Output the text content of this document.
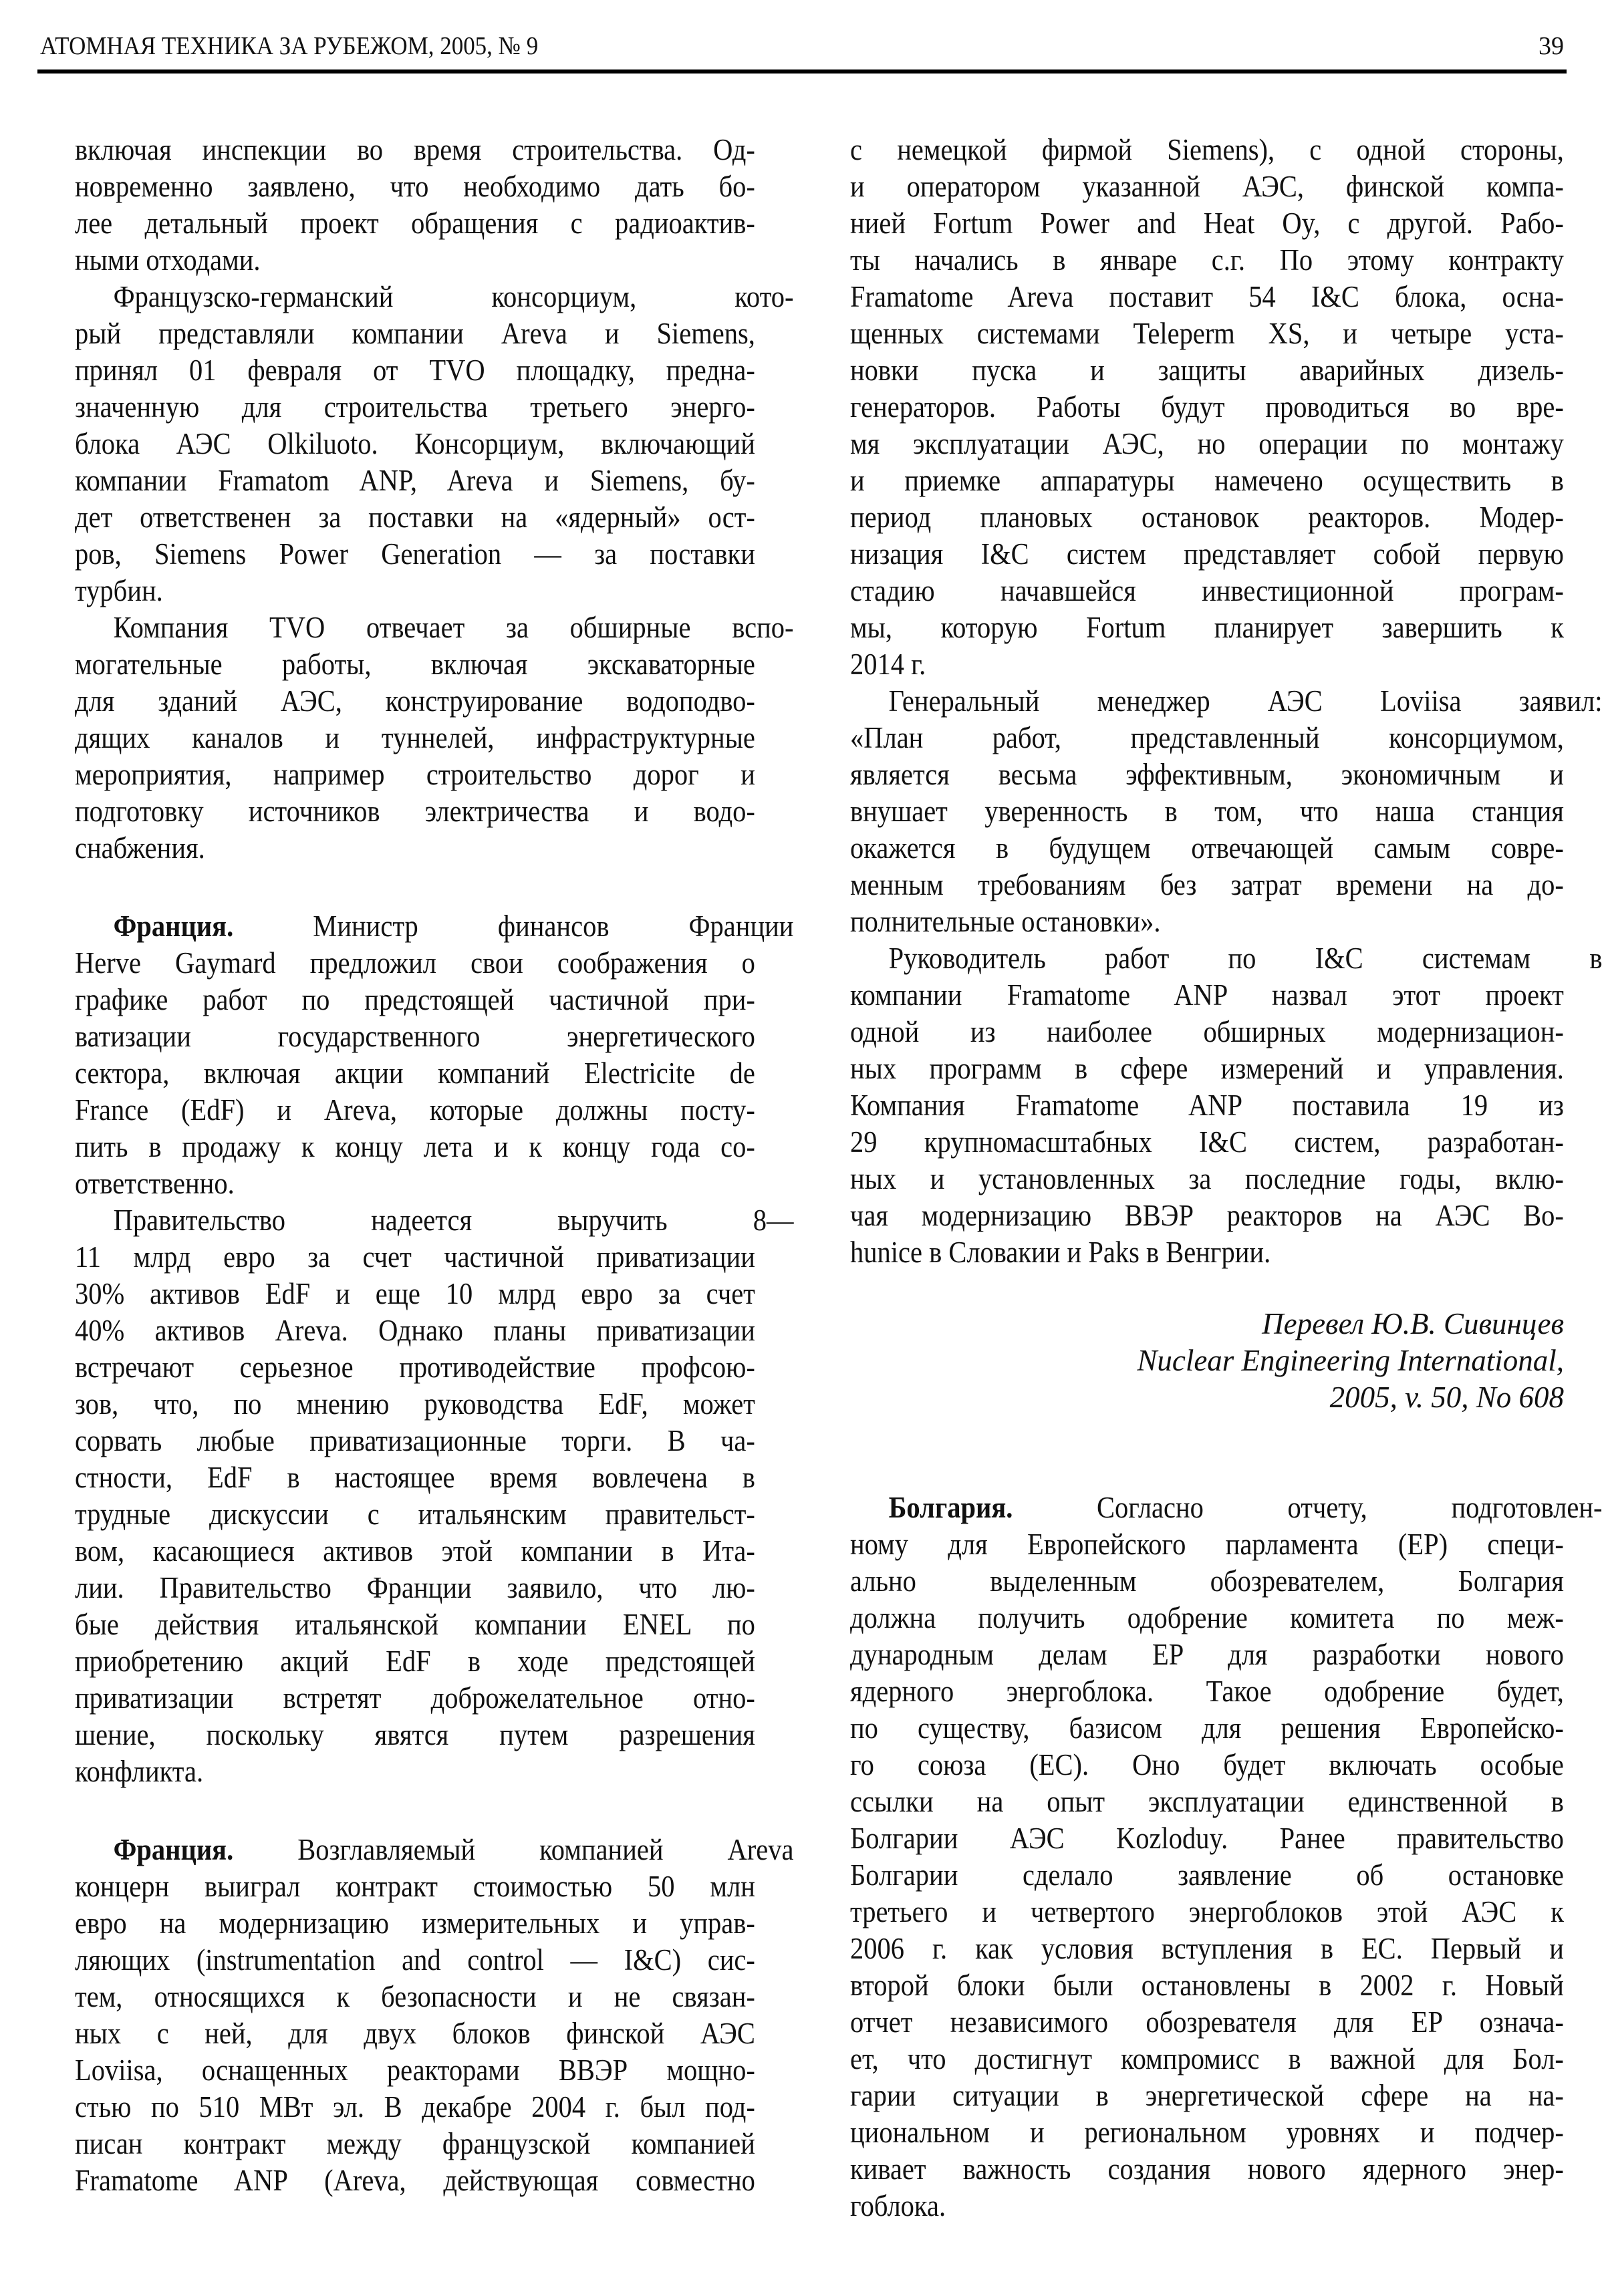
АТОМНАЯ ТЕХНИКА ЗА РУБЕЖОМ, 2005, № 9	39
включая инспекции во время строительства. Од-
новременно заявлено, что необходимо дать бо-
лее детальный проект обращения с радиоактив-
ными отходами.
Французско-германский консорциум, кото-
рый представляли компании Areva и Siemens,
принял 01 февраля от TVO площадку, предна-
значенную для строительства третьего энерго-
блока АЭС Olkiluoto. Консорциум, включающий
компании Framatom ANP, Areva и Siemens, бу-
дет ответственен за поставки на «ядерный» ост-
ров, Siemens Power Generation — за поставки
турбин.
Компания TVO отвечает за обширные вспо-
могательные работы, включая экскаваторные
для зданий АЭС, конструирование водоподво-
дящих каналов и туннелей, инфраструктурные
мероприятия, например строительство дорог и
подготовку источников электричества и водо-
снабжения.
Франция. Министр финансов Франции
Herve Gaymard предложил свои соображения о
графике работ по предстоящей частичной при-
ватизации государственного энергетического
сектора, включая акции компаний Electricite de
France (EdF) и Areva, которые должны посту-
пить в продажу к концу лета и к концу года со-
ответственно.
Правительство надеется выручить 8—
11 млрд евро за счет частичной приватизации
30% активов EdF и еще 10 млрд евро за счет
40% активов Areva. Однако планы приватизации
встречают серьезное противодействие профсою-
зов, что, по мнению руководства EdF, может
сорвать любые приватизационные торги. В ча-
стности, EdF в настоящее время вовлечена в
трудные дискуссии с итальянским правительст-
вом, касающиеся активов этой компании в Ита-
лии. Правительство Франции заявило, что лю-
бые действия итальянской компании ENEL по
приобретению акций EdF в ходе предстоящей
приватизации встретят доброжелательное отно-
шение, поскольку явятся путем разрешения
конфликта.
Франция. Возглавляемый компанией Areva
концерн выиграл контракт стоимостью 50 млн
евро на модернизацию измерительных и управ-
ляющих (instrumentation and control — I&C) сис-
тем, относящихся к безопасности и не связан-
ных с ней, для двух блоков финской АЭС
Loviisa, оснащенных реакторами ВВЭР мощно-
стью по 510 МВт эл. В декабре 2004 г. был под-
писан контракт между французской компанией
Framatome ANP (Areva, действующая совместно
с немецкой фирмой Siemens), с одной стороны,
и оператором указанной АЭС, финской компа-
нией Fortum Power and Heat Oy, с другой. Рабо-
ты начались в январе с.г. По этому контракту
Framatome Areva поставит 54 I&C блока, осна-
щенных системами Teleperm XS, и четыре уста-
новки пуска и защиты аварийных дизель-
генераторов. Работы будут проводиться во вре-
мя эксплуатации АЭС, но операции по монтажу
и приемке аппаратуры намечено осуществить в
период плановых остановок реакторов. Модер-
низация I&C систем представляет собой первую
стадию начавшейся инвестиционной програм-
мы, которую Fortum планирует завершить к
2014 г.
Генеральный менеджер АЭС Loviisa заявил:
«План работ, представленный консорциумом,
является весьма эффективным, экономичным и
внушает уверенность в том, что наша станция
окажется в будущем отвечающей самым совре-
менным требованиям без затрат времени на до-
полнительные остановки».
Руководитель работ по I&C системам в
компании Framatome ANP назвал этот проект
одной из наиболее обширных модернизацион-
ных программ в сфере измерений и управления.
Компания Framatome ANP поставила 19 из
29 крупномасштабных I&C систем, разработан-
ных и установленных за последние годы, вклю-
чая модернизацию ВВЭР реакторов на АЭС Bo-
hunice в Словакии и Paks в Венгрии.
Перевел Ю.В. Сивинцев
Nuclear Engineering International,
2005, v. 50, No 608
Болгария. Согласно отчету, подготовлен-
ному для Европейского парламента (EP) специ-
ально выделенным обозревателем, Болгария
должна получить одобрение комитета по меж-
дународным делам EP для разработки нового
ядерного энергоблока. Такое одобрение будет,
по существу, базисом для решения Европейско-
го союза (ЕС). Оно будет включать особые
ссылки на опыт эксплуатации единственной в
Болгарии АЭС Kozloduy. Ранее правительство
Болгарии сделало заявление об остановке
третьего и четвертого энергоблоков этой АЭС к
2006 г. как условия вступления в ЕС. Первый и
второй блоки были остановлены в 2002 г. Новый
отчет независимого обозревателя для EP означа-
ет, что достигнут компромисс в важной для Бол-
гарии ситуации в энергетической сфере на на-
циональном и региональном уровнях и подчер-
кивает важность создания нового ядерного энер-
гоблока.
